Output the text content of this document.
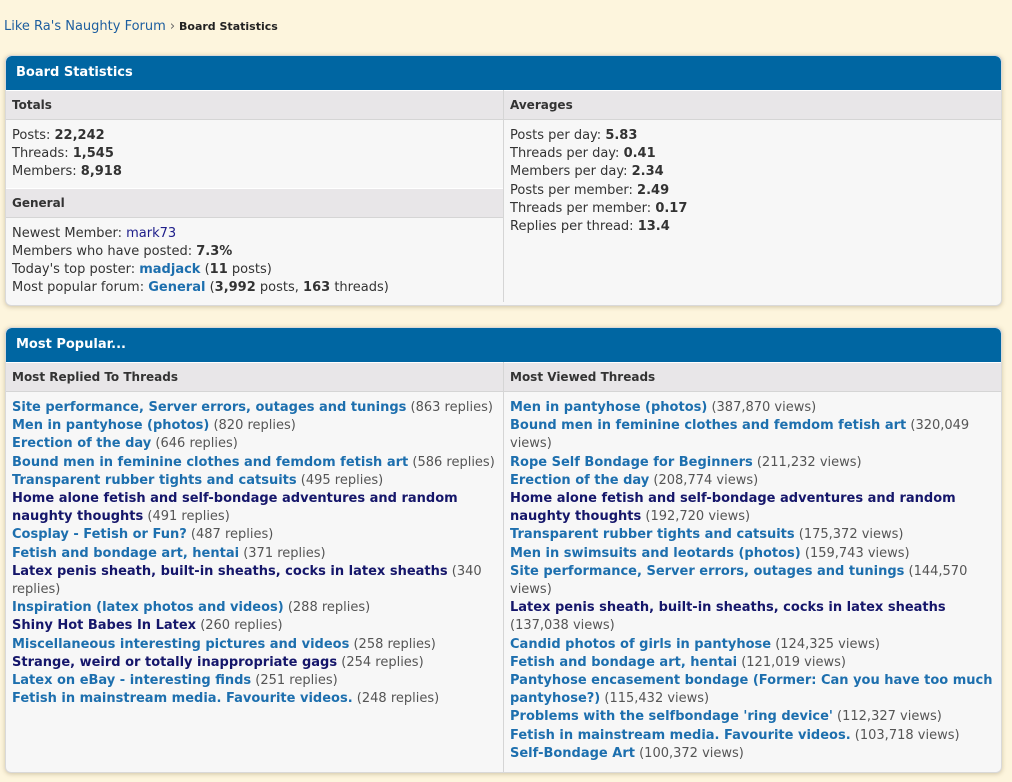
Like Ra's Naughty Forum › Board Statistics
Board Statistics
Totals
Posts: 22,242
Threads: 1,545
Members: 8,918
General
Newest Member: mark73
Members who have posted: 7.3%
Today's top poster: madjack (11 posts)
Most popular forum: General (3,992 posts, 163 threads)
Averages
Posts per day: 5.83
Threads per day: 0.41
Members per day: 2.34
Posts per member: 2.49
Threads per member: 0.17
Replies per thread: 13.4
Most Popular...
Most Replied To Threads
Site performance, Server errors, outages and tunings (863 replies)
Men in pantyhose (photos) (820 replies)
Erection of the day (646 replies)
Bound men in feminine clothes and femdom fetish art (586 replies)
Transparent rubber tights and catsuits (495 replies)
Home alone fetish and self-bondage adventures and random naughty thoughts (491 replies)
Cosplay - Fetish or Fun? (487 replies)
Fetish and bondage art, hentai (371 replies)
Latex penis sheath, built-in sheaths, cocks in latex sheaths (340 replies)
Inspiration (latex photos and videos) (288 replies)
Shiny Hot Babes In Latex (260 replies)
Miscellaneous interesting pictures and videos (258 replies)
Strange, weird or totally inappropriate gags (254 replies)
Latex on eBay - interesting finds (251 replies)
Fetish in mainstream media. Favourite videos. (248 replies)
Most Viewed Threads
Men in pantyhose (photos) (387,870 views)
Bound men in feminine clothes and femdom fetish art (320,049 views)
Rope Self Bondage for Beginners (211,232 views)
Erection of the day (208,774 views)
Home alone fetish and self-bondage adventures and random naughty thoughts (192,720 views)
Transparent rubber tights and catsuits (175,372 views)
Men in swimsuits and leotards (photos) (159,743 views)
Site performance, Server errors, outages and tunings (144,570 views)
Latex penis sheath, built-in sheaths, cocks in latex sheaths (137,038 views)
Candid photos of girls in pantyhose (124,325 views)
Fetish and bondage art, hentai (121,019 views)
Pantyhose encasement bondage (Former: Can you have too much pantyhose?) (115,432 views)
Problems with the selfbondage 'ring device' (112,327 views)
Fetish in mainstream media. Favourite videos. (103,718 views)
Self-Bondage Art (100,372 views)
